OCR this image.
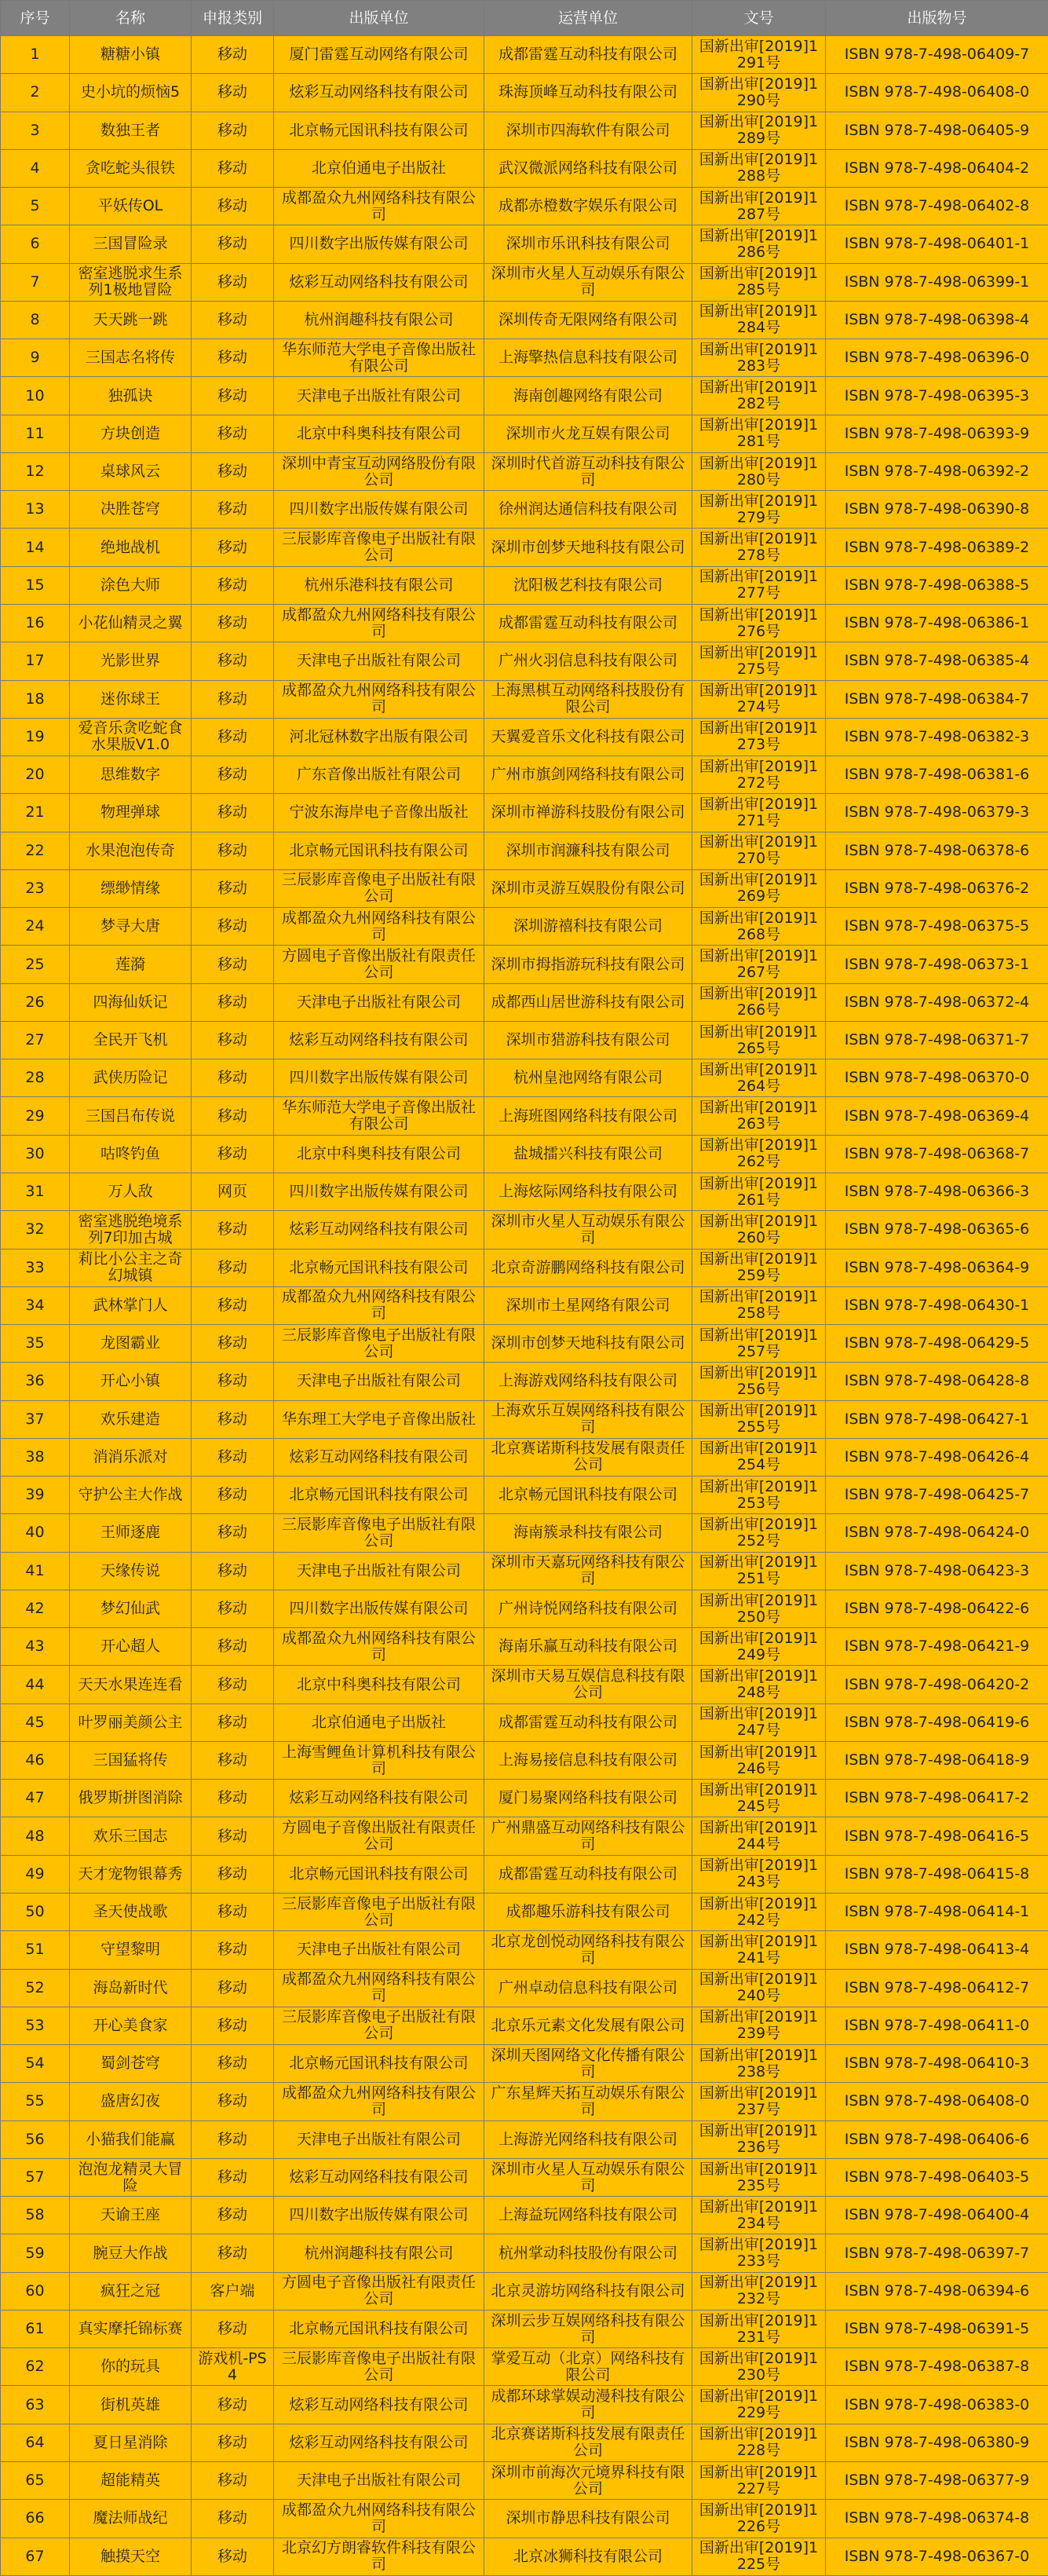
序号	名称	申报类别	出版单位	运营单位	文号	出版物号

1	糖糖小镇	移动	厦门雷霆互动网络有限公司	成都雷霆互动科技有限公司	国新出审[2019]1291号	ISBN 978-7-498-06409-7

2	史小坑的烦恼5	移动	炫彩互动网络科技有限公司	珠海顶峰互动科技有限公司	国新出审[2019]1290号	ISBN 978-7-498-06408-0

3	数独王者	移动	北京畅元国讯科技有限公司	深圳市四海软件有限公司	国新出审[2019]1289号	ISBN 978-7-498-06405-9

4	贪吃蛇头很铁	移动	北京伯通电子出版社	武汉微派网络科技有限公司	国新出审[2019]1288号	ISBN 978-7-498-06404-2

5	平妖传OL	移动	成都盈众九州网络科技有限公司	成都赤橙数字娱乐有限公司	国新出审[2019]1287号	ISBN 978-7-498-06402-8

6	三国冒险录	移动	四川数字出版传媒有限公司	深圳市乐讯科技有限公司	国新出审[2019]1286号	ISBN 978-7-498-06401-1

7	密室逃脱求生系列1极地冒险	移动	炫彩互动网络科技有限公司	深圳市火星人互动娱乐有限公司	国新出审[2019]1285号	ISBN 978-7-498-06399-1

8	天天跳一跳	移动	杭州润趣科技有限公司	深圳传奇无限网络有限公司	国新出审[2019]1284号	ISBN 978-7-498-06398-4

9	三国志名将传	移动	华东师范大学电子音像出版社有限公司	上海擎热信息科技有限公司	国新出审[2019]1283号	ISBN 978-7-498-06396-0

10	独孤诀	移动	天津电子出版社有限公司	海南创趣网络有限公司	国新出审[2019]1282号	ISBN 978-7-498-06395-3

11	方块创造	移动	北京中科奥科技有限公司	深圳市火龙互娱有限公司	国新出审[2019]1281号	ISBN 978-7-498-06393-9

12	桌球风云	移动	深圳中青宝互动网络股份有限公司	深圳时代首游互动科技有限公司	国新出审[2019]1280号	ISBN 978-7-498-06392-2

13	决胜苍穹	移动	四川数字出版传媒有限公司	徐州润达通信科技有限公司	国新出审[2019]1279号	ISBN 978-7-498-06390-8

14	绝地战机	移动	三辰影库音像电子出版社有限公司	深圳市创梦天地科技有限公司	国新出审[2019]1278号	ISBN 978-7-498-06389-2

15	涂色大师	移动	杭州乐港科技有限公司	沈阳极艺科技有限公司	国新出审[2019]1277号	ISBN 978-7-498-06388-5

16	小花仙精灵之翼	移动	成都盈众九州网络科技有限公司	成都雷霆互动科技有限公司	国新出审[2019]1276号	ISBN 978-7-498-06386-1

17	光影世界	移动	天津电子出版社有限公司	广州火羽信息科技有限公司	国新出审[2019]1275号	ISBN 978-7-498-06385-4

18	迷你球王	移动	成都盈众九州网络科技有限公司	上海黑棋互动网络科技股份有限公司	国新出审[2019]1274号	ISBN 978-7-498-06384-7

19	爱音乐贪吃蛇食水果版V1.0	移动	河北冠林数字出版有限公司	天翼爱音乐文化科技有限公司	国新出审[2019]1273号	ISBN 978-7-498-06382-3

20	思维数字	移动	广东音像出版社有限公司	广州市旗剑网络科技有限公司	国新出审[2019]1272号	ISBN 978-7-498-06381-6

21	物理弹球	移动	宁波东海岸电子音像出版社	深圳市禅游科技股份有限公司	国新出审[2019]1271号	ISBN 978-7-498-06379-3

22	水果泡泡传奇	移动	北京畅元国讯科技有限公司	深圳市润濂科技有限公司	国新出审[2019]1270号	ISBN 978-7-498-06378-6

23	缥缈情缘	移动	三辰影库音像电子出版社有限公司	深圳市灵游互娱股份有限公司	国新出审[2019]1269号	ISBN 978-7-498-06376-2

24	梦寻大唐	移动	成都盈众九州网络科技有限公司	深圳游禧科技有限公司	国新出审[2019]1268号	ISBN 978-7-498-06375-5

25	莲漪	移动	方圆电子音像出版社有限责任公司	深圳市拇指游玩科技有限公司	国新出审[2019]1267号	ISBN 978-7-498-06373-1

26	四海仙妖记	移动	天津电子出版社有限公司	成都西山居世游科技有限公司	国新出审[2019]1266号	ISBN 978-7-498-06372-4

27	全民开飞机	移动	炫彩互动网络科技有限公司	深圳市猎游科技有限公司	国新出审[2019]1265号	ISBN 978-7-498-06371-7

28	武侠历险记	移动	四川数字出版传媒有限公司	杭州皇池网络有限公司	国新出审[2019]1264号	ISBN 978-7-498-06370-0

29	三国吕布传说	移动	华东师范大学电子音像出版社有限公司	上海班图网络科技有限公司	国新出审[2019]1263号	ISBN 978-7-498-06369-4

30	咕咚钓鱼	移动	北京中科奥科技有限公司	盐城擂兴科技有限公司	国新出审[2019]1262号	ISBN 978-7-498-06368-7

31	万人敌	网页	四川数字出版传媒有限公司	上海炫际网络科技有限公司	国新出审[2019]1261号	ISBN 978-7-498-06366-3

32	密室逃脱绝境系列7印加古城	移动	炫彩互动网络科技有限公司	深圳市火星人互动娱乐有限公司	国新出审[2019]1260号	ISBN 978-7-498-06365-6

33	莉比小公主之奇幻城镇	移动	北京畅元国讯科技有限公司	北京奇游鹏网络科技有限公司	国新出审[2019]1259号	ISBN 978-7-498-06364-9

34	武林掌门人	移动	成都盈众九州网络科技有限公司	深圳市土星网络有限公司	国新出审[2019]1258号	ISBN 978-7-498-06430-1

35	龙图霸业	移动	三辰影库音像电子出版社有限公司	深圳市创梦天地科技有限公司	国新出审[2019]1257号	ISBN 978-7-498-06429-5

36	开心小镇	移动	天津电子出版社有限公司	上海游戏网络科技有限公司	国新出审[2019]1256号	ISBN 978-7-498-06428-8

37	欢乐建造	移动	华东理工大学电子音像出版社	上海欢乐互娱网络科技有限公司	国新出审[2019]1255号	ISBN 978-7-498-06427-1

38	消消乐派对	移动	炫彩互动网络科技有限公司	北京赛诺斯科技发展有限责任公司	国新出审[2019]1254号	ISBN 978-7-498-06426-4

39	守护公主大作战	移动	北京畅元国讯科技有限公司	北京畅元国讯科技有限公司	国新出审[2019]1253号	ISBN 978-7-498-06425-7

40	王师逐鹿	移动	三辰影库音像电子出版社有限公司	海南簇录科技有限公司	国新出审[2019]1252号	ISBN 978-7-498-06424-0

41	天缘传说	移动	天津电子出版社有限公司	深圳市天嘉玩网络科技有限公司	国新出审[2019]1251号	ISBN 978-7-498-06423-3

42	梦幻仙武	移动	四川数字出版传媒有限公司	广州诗悦网络科技有限公司	国新出审[2019]1250号	ISBN 978-7-498-06422-6

43	开心超人	移动	成都盈众九州网络科技有限公司	海南乐赢互动科技有限公司	国新出审[2019]1249号	ISBN 978-7-498-06421-9

44	天天水果连连看	移动	北京中科奥科技有限公司	深圳市天易互娱信息科技有限公司	国新出审[2019]1248号	ISBN 978-7-498-06420-2

45	叶罗丽美颜公主	移动	北京伯通电子出版社	成都雷霆互动科技有限公司	国新出审[2019]1247号	ISBN 978-7-498-06419-6

46	三国猛将传	移动	上海雪鲤鱼计算机科技有限公司	上海易接信息科技有限公司	国新出审[2019]1246号	ISBN 978-7-498-06418-9

47	俄罗斯拼图消除	移动	炫彩互动网络科技有限公司	厦门易聚网络科技有限公司	国新出审[2019]1245号	ISBN 978-7-498-06417-2

48	欢乐三国志	移动	方圆电子音像出版社有限责任公司	广州鼎盛互动网络科技有限公司	国新出审[2019]1244号	ISBN 978-7-498-06416-5

49	天才宠物银幕秀	移动	北京畅元国讯科技有限公司	成都雷霆互动科技有限公司	国新出审[2019]1243号	ISBN 978-7-498-06415-8

50	圣天使战歌	移动	三辰影库音像电子出版社有限公司	成都趣乐游科技有限公司	国新出审[2019]1242号	ISBN 978-7-498-06414-1

51	守望黎明	移动	天津电子出版社有限公司	北京龙创悦动网络科技有限公司	国新出审[2019]1241号	ISBN 978-7-498-06413-4

52	海岛新时代	移动	成都盈众九州网络科技有限公司	广州卓动信息科技有限公司	国新出审[2019]1240号	ISBN 978-7-498-06412-7

53	开心美食家	移动	三辰影库音像电子出版社有限公司	北京乐元素文化发展有限公司	国新出审[2019]1239号	ISBN 978-7-498-06411-0

54	蜀剑苍穹	移动	北京畅元国讯科技有限公司	深圳天图网络文化传播有限公司	国新出审[2019]1238号	ISBN 978-7-498-06410-3

55	盛唐幻夜	移动	成都盈众九州网络科技有限公司	广东星辉天拓互动娱乐有限公司	国新出审[2019]1237号	ISBN 978-7-498-06408-0

56	小猫我们能赢	移动	天津电子出版社有限公司	上海游光网络科技有限公司	国新出审[2019]1236号	ISBN 978-7-498-06406-6

57	泡泡龙精灵大冒险	移动	炫彩互动网络科技有限公司	深圳市火星人互动娱乐有限公司	国新出审[2019]1235号	ISBN 978-7-498-06403-5

58	天谕王座	移动	四川数字出版传媒有限公司	上海益玩网络科技有限公司	国新出审[2019]1234号	ISBN 978-7-498-06400-4

59	腕豆大作战	移动	杭州润趣科技有限公司	杭州掌动科技股份有限公司	国新出审[2019]1233号	ISBN 978-7-498-06397-7

60	疯狂之冠	客户端	方圆电子音像出版社有限责任公司	北京灵游坊网络科技有限公司	国新出审[2019]1232号	ISBN 978-7-498-06394-6

61	真实摩托锦标赛	移动	北京畅元国讯科技有限公司	深圳云步互娱网络科技有限公司	国新出审[2019]1231号	ISBN 978-7-498-06391-5

62	你的玩具	游戏机-PS4	三辰影库音像电子出版社有限公司	掌爱互动（北京）网络科技有限公司	国新出审[2019]1230号	ISBN 978-7-498-06387-8

63	街机英雄	移动	炫彩互动网络科技有限公司	成都环球掌娱动漫科技有限公司	国新出审[2019]1229号	ISBN 978-7-498-06383-0

64	夏日星消除	移动	炫彩互动网络科技有限公司	北京赛诺斯科技发展有限责任公司	国新出审[2019]1228号	ISBN 978-7-498-06380-9

65	超能精英	移动	天津电子出版社有限公司	深圳市前海次元境界科技有限公司	国新出审[2019]1227号	ISBN 978-7-498-06377-9

66	魔法师战纪	移动	成都盈众九州网络科技有限公司	深圳市静思科技有限公司	国新出审[2019]1226号	ISBN 978-7-498-06374-8

67	触摸天空	移动	北京幻方朗睿软件科技有限公司	北京冰狮科技有限公司	国新出审[2019]1225号	ISBN 978-7-498-06367-0
